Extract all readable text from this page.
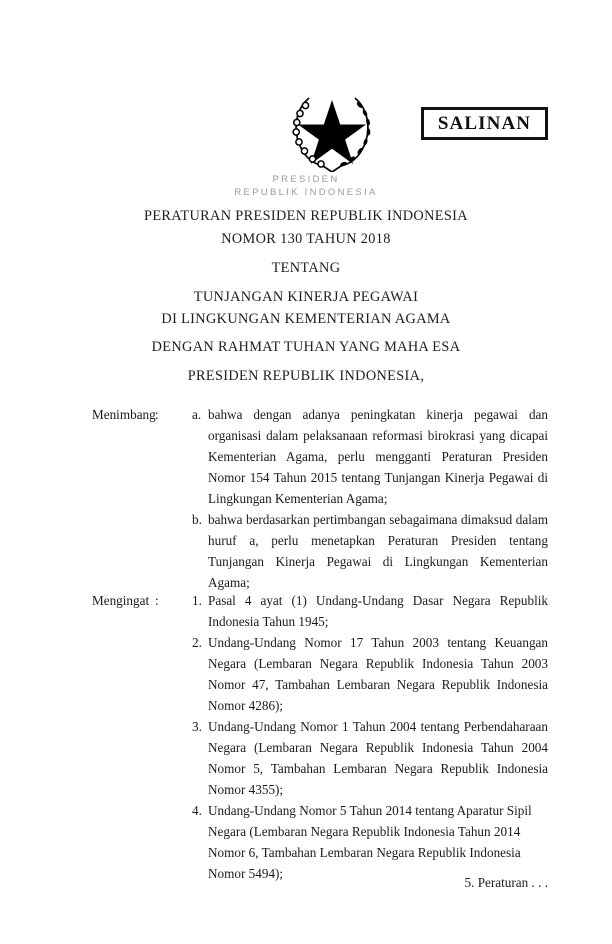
SALINAN
PRESIDEN
REPUBLIK INDONESIA
PERATURAN PRESIDEN REPUBLIK INDONESIA
NOMOR 130 TAHUN 2018
TENTANG
TUNJANGAN KINERJA PEGAWAI
DI LINGKUNGAN KEMENTERIAN AGAMA
DENGAN RAHMAT TUHAN YANG MAHA ESA
PRESIDEN REPUBLIK INDONESIA,
Menimbang :	a. bahwa dengan adanya peningkatan kinerja pegawai dan organisasi dalam pelaksanaan reformasi birokrasi yang dicapai Kementerian Agama, perlu mengganti Peraturan Presiden Nomor 154 Tahun 2015 tentang Tunjangan Kinerja Pegawai di Lingkungan Kementerian Agama;
b. bahwa berdasarkan pertimbangan sebagaimana dimaksud dalam huruf a, perlu menetapkan Peraturan Presiden tentang Tunjangan Kinerja Pegawai di Lingkungan Kementerian Agama;
Mengingat :	1. Pasal 4 ayat (1) Undang-Undang Dasar Negara Republik Indonesia Tahun 1945;
2. Undang-Undang Nomor 17 Tahun 2003 tentang Keuangan Negara (Lembaran Negara Republik Indonesia Tahun 2003 Nomor 47, Tambahan Lembaran Negara Republik Indonesia Nomor 4286);
3. Undang-Undang Nomor 1 Tahun 2004 tentang Perbendaharaan Negara (Lembaran Negara Republik Indonesia Tahun 2004 Nomor 5, Tambahan Lembaran Negara Republik Indonesia Nomor 4355);
4. Undang-Undang Nomor 5 Tahun 2014 tentang Aparatur Sipil Negara (Lembaran Negara Republik Indonesia Tahun 2014 Nomor 6, Tambahan Lembaran Negara Republik Indonesia Nomor 5494);
5. Peraturan . . .
